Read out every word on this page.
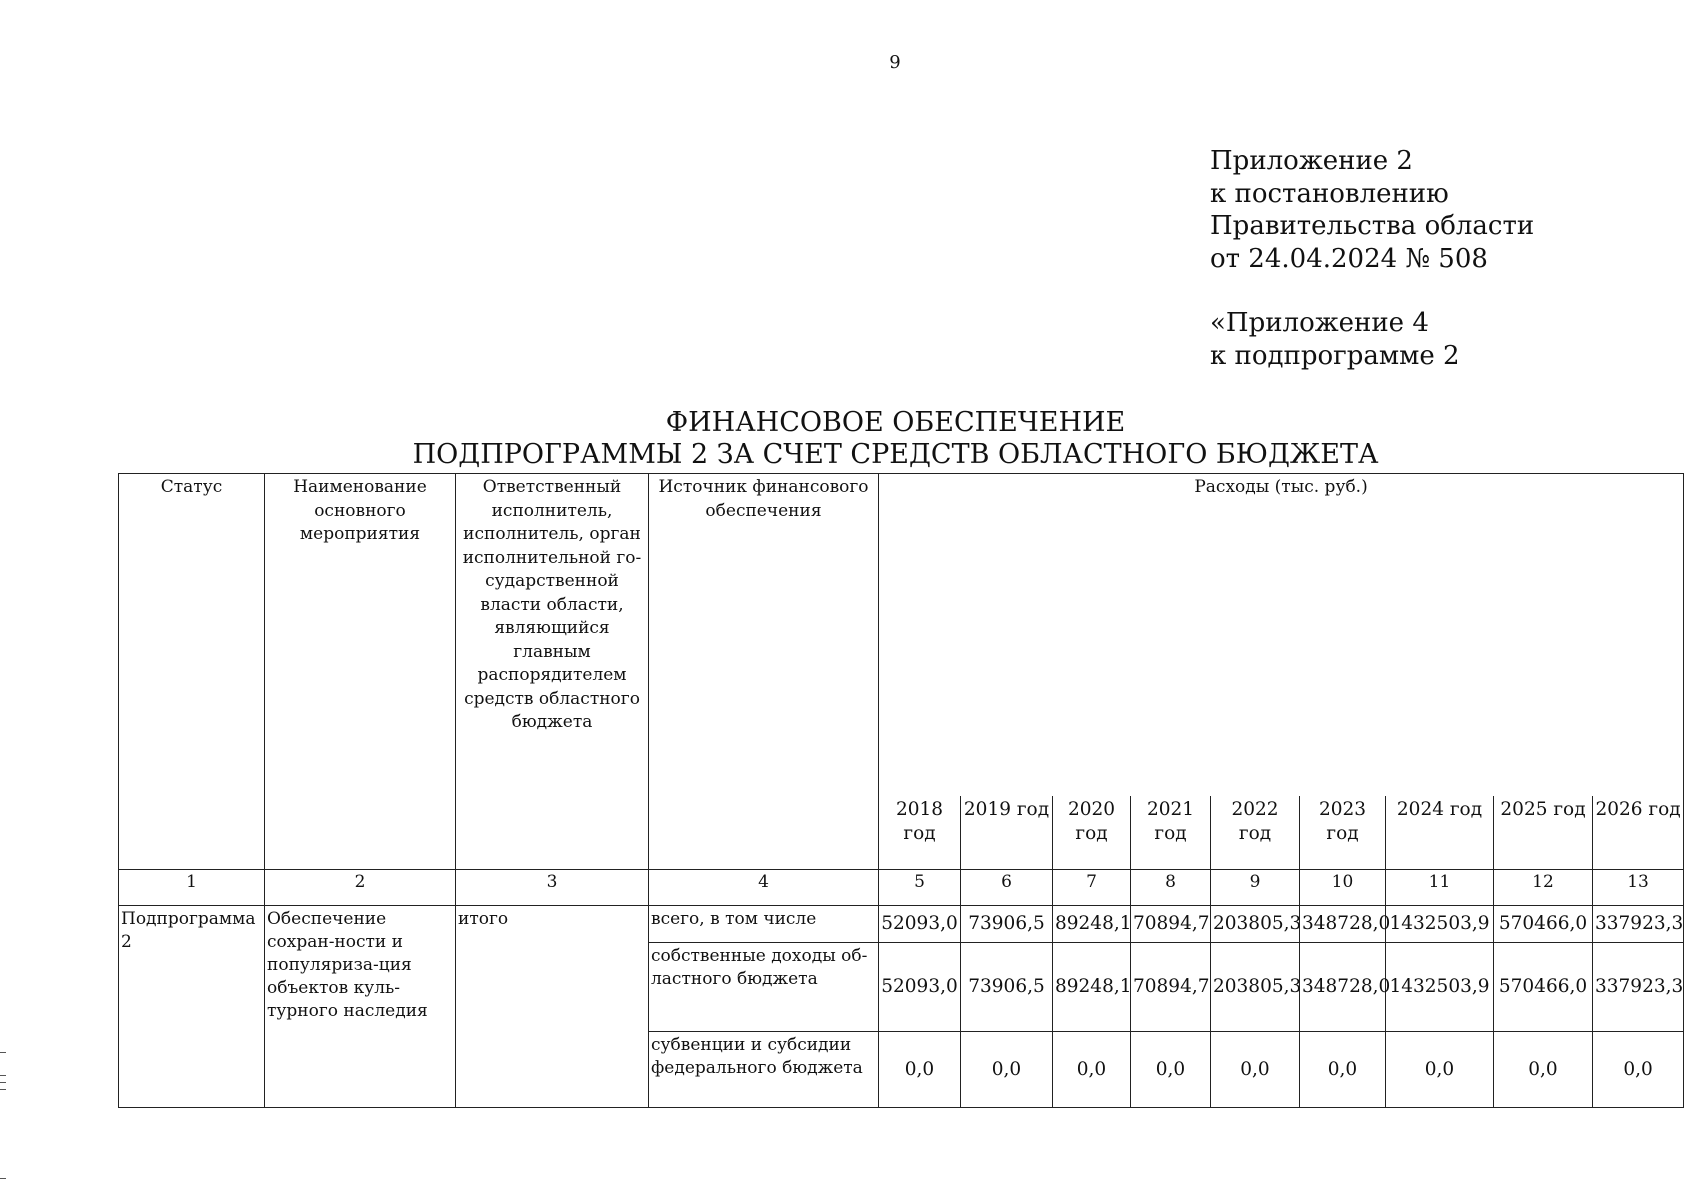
9
Приложение 2
к постановлению
Правительства области
от 24.04.2024 № 508
«Приложение 4
к подпрограмме 2
ФИНАНСОВОЕ ОБЕСПЕЧЕНИЕ
ПОДПРОГРАММЫ 2 ЗА СЧЕТ СРЕДСТВ ОБЛАСТНОГО БЮДЖЕТА
Статус	Наименование основного мероприятия	Ответственный исполнитель, исполнитель, орган исполнительной го-сударственной власти области, являющийся главным распорядителем средств областного бюджета	Источник финансового обеспечения	Расходы (тыс. руб.)								
				2018 год	2019 год	2020 год	2021 год	2022 год	2023 год	2024 год	2025 год	2026 год
1	2	3	4	5	6	7	8	9	10	11	12	13
Подпрограмма 2	Обеспечение сохран-ности и популяриза-ция объектов куль-турного наследия	итого	всего, в том числе	52093,0	73906,5	89248,1	70894,7	203805,3	348728,0	1432503,9	570466,0	337923,3
			собственные доходы об-ластного бюджета	52093,0	73906,5	89248,1	70894,7	203805,3	348728,0	1432503,9	570466,0	337923,3
			субвенции и субсидии федерального бюджета	0,0	0,0	0,0	0,0	0,0	0,0	0,0	0,0	0,0
